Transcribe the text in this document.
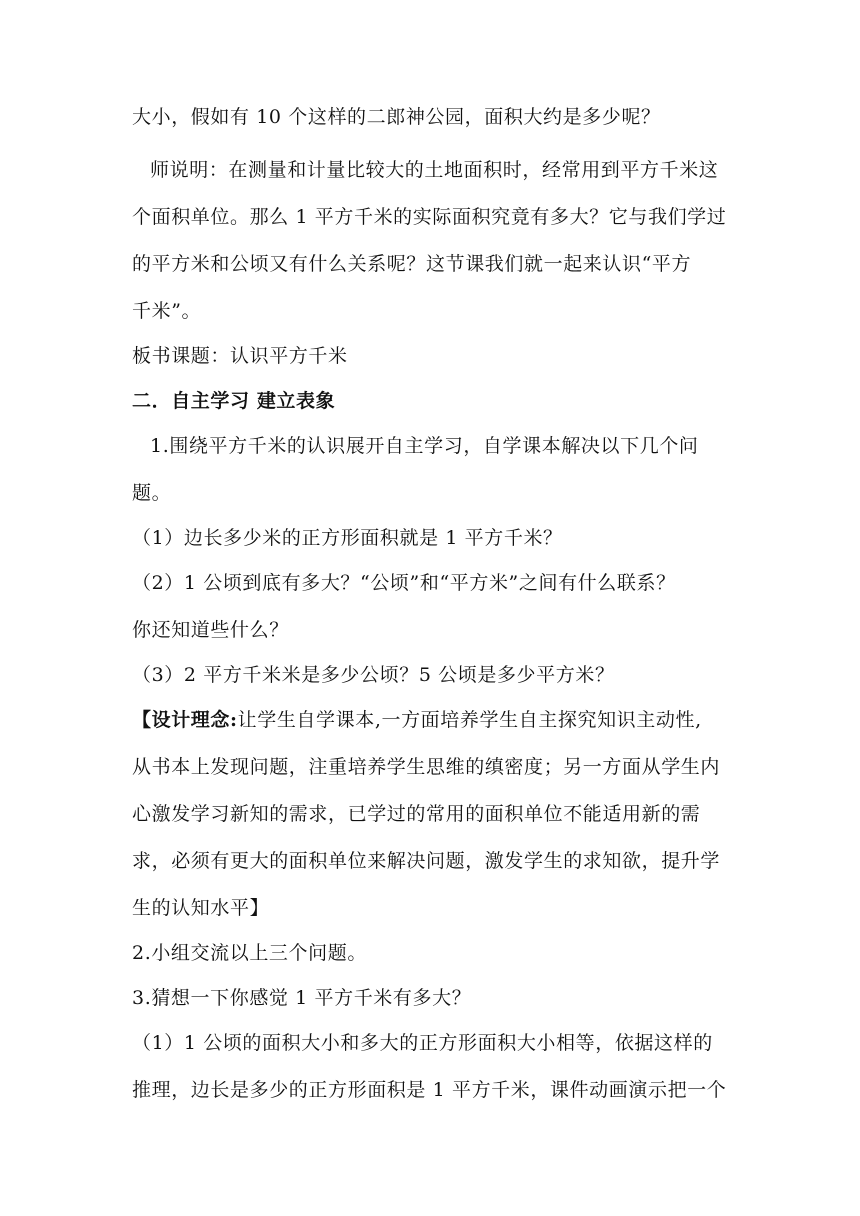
大小，假如有 10 个这样的二郎神公园，面积大约是多少呢？
师说明：在测量和计量比较大的土地面积时，经常用到平方千米这
个面积单位。那么 1 平方千米的实际面积究竟有多大？它与我们学过
的平方米和公顷又有什么关系呢？这节课我们就一起来认识“平方
千米”。
板书课题：认识平方千米
二．自主学习 建立表象
1.围绕平方千米的认识展开自主学习，自学课本解决以下几个问
题。
（1）边长多少米的正方形面积就是 1 平方千米？
（2）1 公顷到底有多大？“公顷”和“平方米”之间有什么联系？
你还知道些什么？
（3）2 平方千米米是多少公顷？5 公顷是多少平方米？
【设计理念:让学生自学课本,一方面培养学生自主探究知识主动性,
从书本上发现问题，注重培养学生思维的缜密度；另一方面从学生内
心激发学习新知的需求，已学过的常用的面积单位不能适用新的需
求，必须有更大的面积单位来解决问题，激发学生的求知欲，提升学
生的认知水平】
2.小组交流以上三个问题。
3.猜想一下你感觉 1 平方千米有多大？
（1）1 公顷的面积大小和多大的正方形面积大小相等，依据这样的
推理，边长是多少的正方形面积是 1 平方千米，课件动画演示把一个
